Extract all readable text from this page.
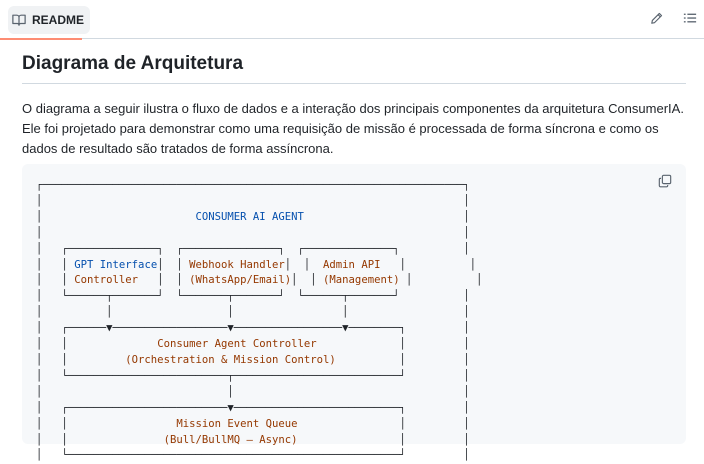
README
Diagrama de Arquitetura

O diagrama a seguir ilustra o fluxo de dados e a interação dos principais componentes da arquitetura ConsumerIA. Ele foi projetado para demonstrar como uma requisição de missão é processada de forma síncrona e como os dados de resultado são tratados de forma assíncrona.

┌──────────────────────────────────────────────────────────────────┐
│                                                                  │
│	CONSUMER AI AGENT	│
│                                                                  │
│   ┌──────────────┐  ┌───────────────┐  ┌──────────────┐          │
│   │ GPT Interface│  │ Webhook Handler│  │  Admin API   │          │
│   │ Controller   │  │ (WhatsApp/Email)│  │ (Management) │          │
│   └──────┬───────┘  └───────┬───────┘  └──────┬───────┘          │
│          │                  │                 │                  │
│   ┌──────▼──────────────────▼─────────────────▼────────┐         │
│   │	Consumer Agent Controller	│         │
│   │	(Orchestration & Mission Control)	│         │
│   └─────────────────────────┬──────────────────────────┘         │
│                             │                                    │
│   ┌─────────────────────────▼──────────────────────────┐         │
│   │	Mission Event Queue	│         │
│   │	(Bull/BullMQ – Async)	│         │
│   └────────────────────────────────────────────────────┘         │
